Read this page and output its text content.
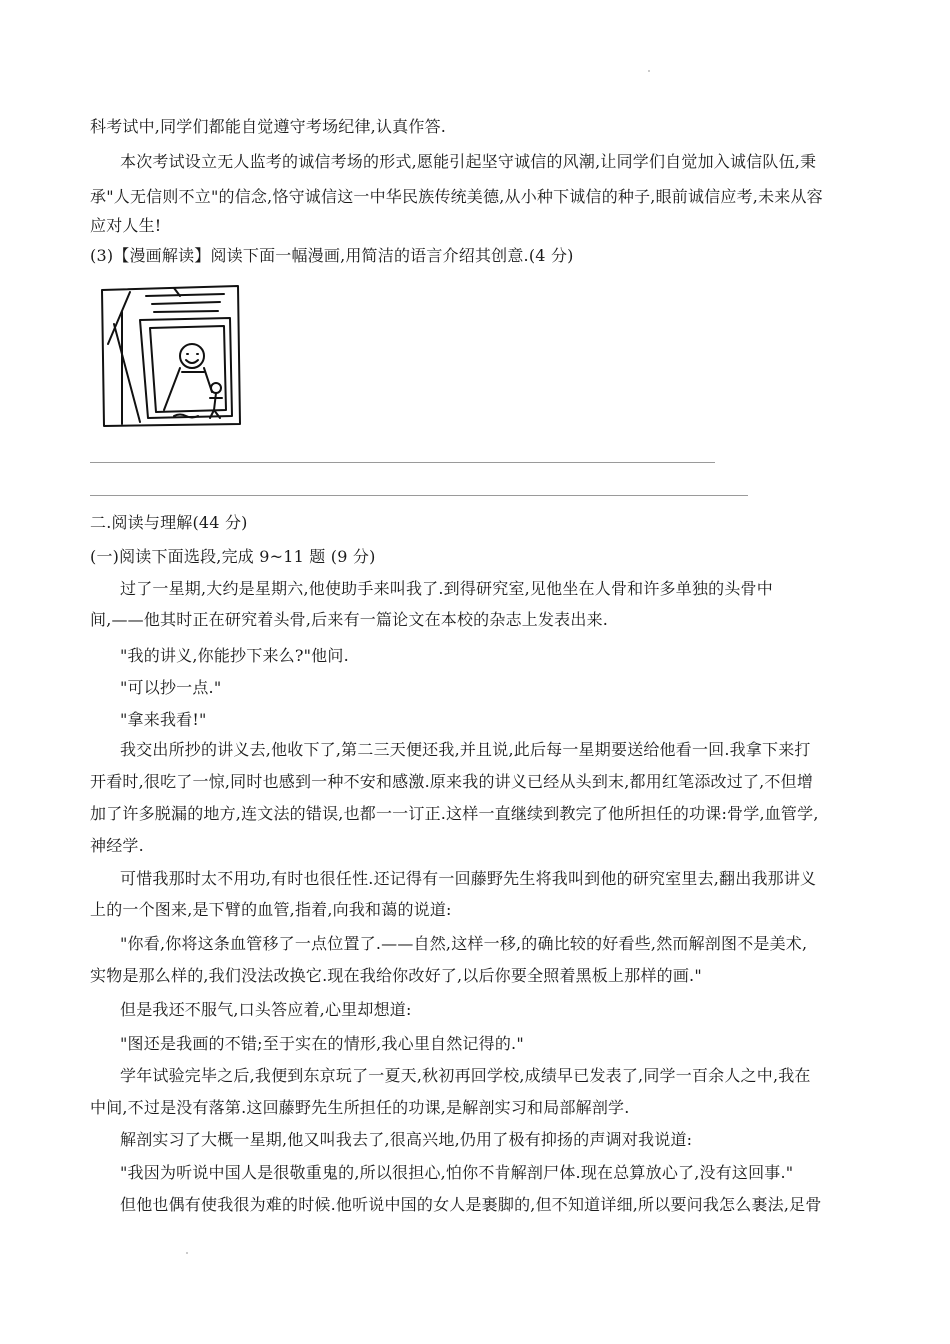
科考试中,同学们都能自觉遵守考场纪律,认真作答.
本次考试设立无人监考的诚信考场的形式,愿能引起坚守诚信的风潮,让同学们自觉加入诚信队伍,秉
承"人无信则不立"的信念,恪守诚信这一中华民族传统美德,从小种下诚信的种子,眼前诚信应考,未来从容
应对人生!
(3)【漫画解读】阅读下面一幅漫画,用简洁的语言介绍其创意.(4 分)
二.阅读与理解(44 分)
(一)阅读下面选段,完成 9~11 题 (9 分)
过了一星期,大约是星期六,他使助手来叫我了.到得研究室,见他坐在人骨和许多单独的头骨中
间,——他其时正在研究着头骨,后来有一篇论文在本校的杂志上发表出来.
"我的讲义,你能抄下来么?"他问.
"可以抄一点."
"拿来我看!"
我交出所抄的讲义去,他收下了,第二三天便还我,并且说,此后每一星期要送给他看一回.我拿下来打
开看时,很吃了一惊,同时也感到一种不安和感激.原来我的讲义已经从头到末,都用红笔添改过了,不但增
加了许多脱漏的地方,连文法的错误,也都一一订正.这样一直继续到教完了他所担任的功课:骨学,血管学,
神经学.
可惜我那时太不用功,有时也很任性.还记得有一回藤野先生将我叫到他的研究室里去,翻出我那讲义
上的一个图来,是下臂的血管,指着,向我和蔼的说道:
"你看,你将这条血管移了一点位置了.——自然,这样一移,的确比较的好看些,然而解剖图不是美术,
实物是那么样的,我们没法改换它.现在我给你改好了,以后你要全照着黑板上那样的画."
但是我还不服气,口头答应着,心里却想道:
"图还是我画的不错;至于实在的情形,我心里自然记得的."
学年试验完毕之后,我便到东京玩了一夏天,秋初再回学校,成绩早已发表了,同学一百余人之中,我在
中间,不过是没有落第.这回藤野先生所担任的功课,是解剖实习和局部解剖学.
解剖实习了大概一星期,他又叫我去了,很高兴地,仍用了极有抑扬的声调对我说道:
"我因为听说中国人是很敬重鬼的,所以很担心,怕你不肯解剖尸体.现在总算放心了,没有这回事."
但他也偶有使我很为难的时候.他听说中国的女人是裹脚的,但不知道详细,所以要问我怎么裹法,足骨
